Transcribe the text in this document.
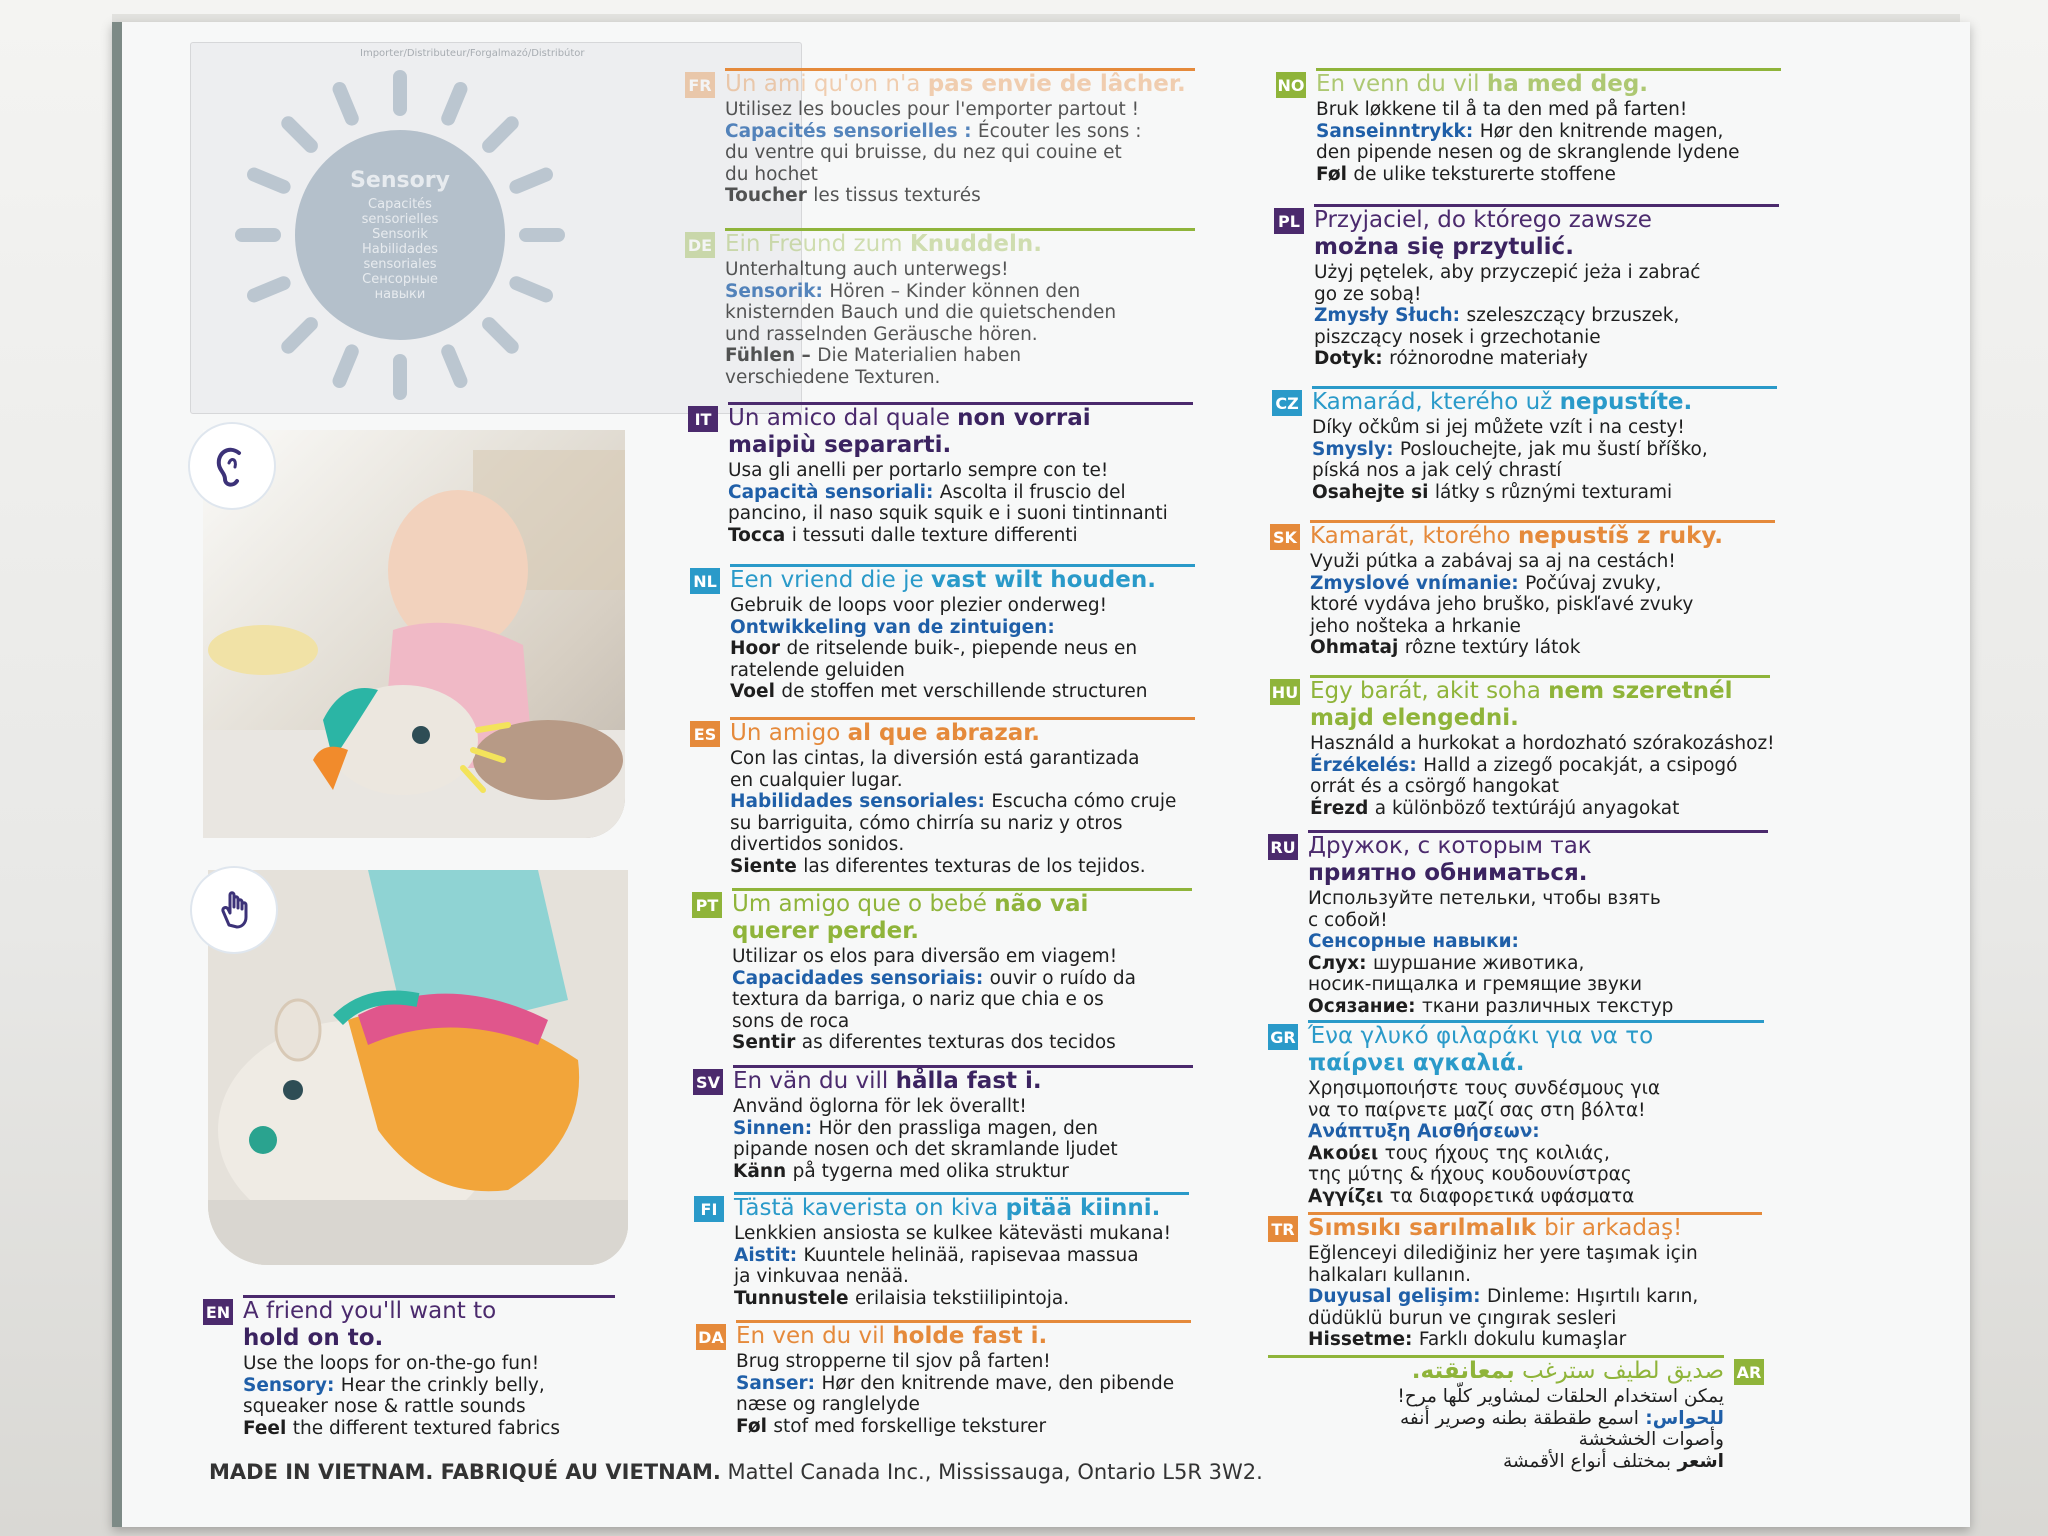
Importer/Distributeur/Forgalmazó/Distribútor
Sensory
Capacités
sensorielles
Sensorik
Habilidades
sensoriales
Сенсорные
навыки
FR Un ami qu'on n'a pas envie de lâcher.
Utilisez les boucles pour l'emporter partout !
Capacités sensorielles : Écouter les sons :
du ventre qui bruisse, du nez qui couine et
du hochet
Toucher les tissus texturés
DE Ein Freund zum Knuddeln.
Unterhaltung auch unterwegs!
Sensorik: Hören – Kinder können den
knisternden Bauch und die quietschenden
und rasselnden Geräusche hören.
Fühlen – Die Materialien haben
verschiedene Texturen.
IT Un amico dal quale non vorrai
maipiù separarti.
Usa gli anelli per portarlo sempre con te!
Capacità sensoriali: Ascolta il fruscio del
pancino, il naso squik squik e i suoni tintinnanti
Tocca i tessuti dalle texture differenti
NL Een vriend die je vast wilt houden.
Gebruik de loops voor plezier onderweg!
Ontwikkeling van de zintuigen:
Hoor de ritselende buik-, piepende neus en
ratelende geluiden
Voel de stoffen met verschillende structuren
ES Un amigo al que abrazar.
Con las cintas, la diversión está garantizada
en cualquier lugar.
Habilidades sensoriales: Escucha cómo cruje
su barriguita, cómo chirría su nariz y otros
divertidos sonidos.
Siente las diferentes texturas de los tejidos.
PT Um amigo que o bebé não vai
querer perder.
Utilizar os elos para diversão em viagem!
Capacidades sensoriais: ouvir o ruído da
textura da barriga, o nariz que chia e os
sons de roca
Sentir as diferentes texturas dos tecidos
SV En vän du vill hålla fast i.
Använd öglorna för lek överallt!
Sinnen: Hör den prassliga magen, den
pipande nosen och det skramlande ljudet
Känn på tygerna med olika struktur
FI Tästä kaverista on kiva pitää kiinni.
Lenkkien ansiosta se kulkee kätevästi mukana!
Aistit: Kuuntele helinää, rapisevaa massua
ja vinkuvaa nenää.
Tunnustele erilaisia tekstiilipintoja.
DA En ven du vil holde fast i.
Brug stropperne til sjov på farten!
Sanser: Hør den knitrende mave, den pibende
næse og ranglelyde
Føl stof med forskellige teksturer
EN A friend you'll want to
hold on to.
Use the loops for on-the-go fun!
Sensory: Hear the crinkly belly,
squeaker nose & rattle sounds
Feel the different textured fabrics
NO En venn du vil ha med deg.
Bruk løkkene til å ta den med på farten!
Sanseinntrykk: Hør den knitrende magen,
den pipende nesen og de skranglende lydene
Føl de ulike teksturerte stoffene
PL Przyjaciel, do którego zawsze
można się przytulić.
Użyj pętelek, aby przyczepić jeża i zabrać
go ze sobą!
Zmysły Słuch: szeleszczący brzuszek,
piszczący nosek i grzechotanie
Dotyk: różnorodne materiały
CZ Kamarád, kterého už nepustíte.
Díky očkům si jej můžete vzít i na cesty!
Smysly: Poslouchejte, jak mu šustí bříško,
píská nos a jak celý chrastí
Osahejte si látky s různými texturami
SK Kamarát, ktorého nepustíš z ruky.
Využi pútka a zabávaj sa aj na cestách!
Zmyslové vnímanie: Počúvaj zvuky,
ktoré vydáva jeho bruško, piskľavé zvuky
jeho nošteka a hrkanie
Ohmataj rôzne textúry látok
HU Egy barát, akit soha nem szeretnél
majd elengedni.
Használd a hurkokat a hordozható szórakozáshoz!
Érzékelés: Halld a zizegő pocakját, a csipogó
orrát és a csörgő hangokat
Érezd a különböző textúrájú anyagokat
RU Дружок, с которым так
приятно обниматься.
Используйте петельки, чтобы взять
с собой!
Сенсорные навыки:
Слух: шуршание животика,
носик-пищалка и гремящие звуки
Осязание: ткани различных текстур
GR Ένα γλυκό φιλαράκι για να το
παίρνει αγκαλιά.
Χρησιμοποιήστε τους συνδέσμους για
να το παίρνετε μαζί σας στη βόλτα!
Ανάπτυξη Αισθήσεων:
Ακούει τους ήχους της κοιλιάς,
της μύτης & ήχους κουδουνίστρας
Αγγίζει τα διαφορετικά υφάσματα
TR Sımsıkı sarılmalık bir arkadaş!
Eğlenceyi dilediğiniz her yere taşımak için
halkaları kullanın.
Duyusal gelişim: Dinleme: Hışırtılı karın,
düdüklü burun ve çıngırak sesleri
Hissetme: Farklı dokulu kumaşlar
AR
صديق لطيف سترغب بمعانقته.
يمكن استخدام الحلقات لمشاوير كلّها مرح!
للحواس: اسمع طقطقة بطنه وصرير أنفه
وأصوات الخشخشة
اشعر بمختلف أنواع الأقمشة
MADE IN VIETNAM. FABRIQUÉ AU VIETNAM. Mattel Canada Inc., Mississauga, Ontario L5R 3W2.
